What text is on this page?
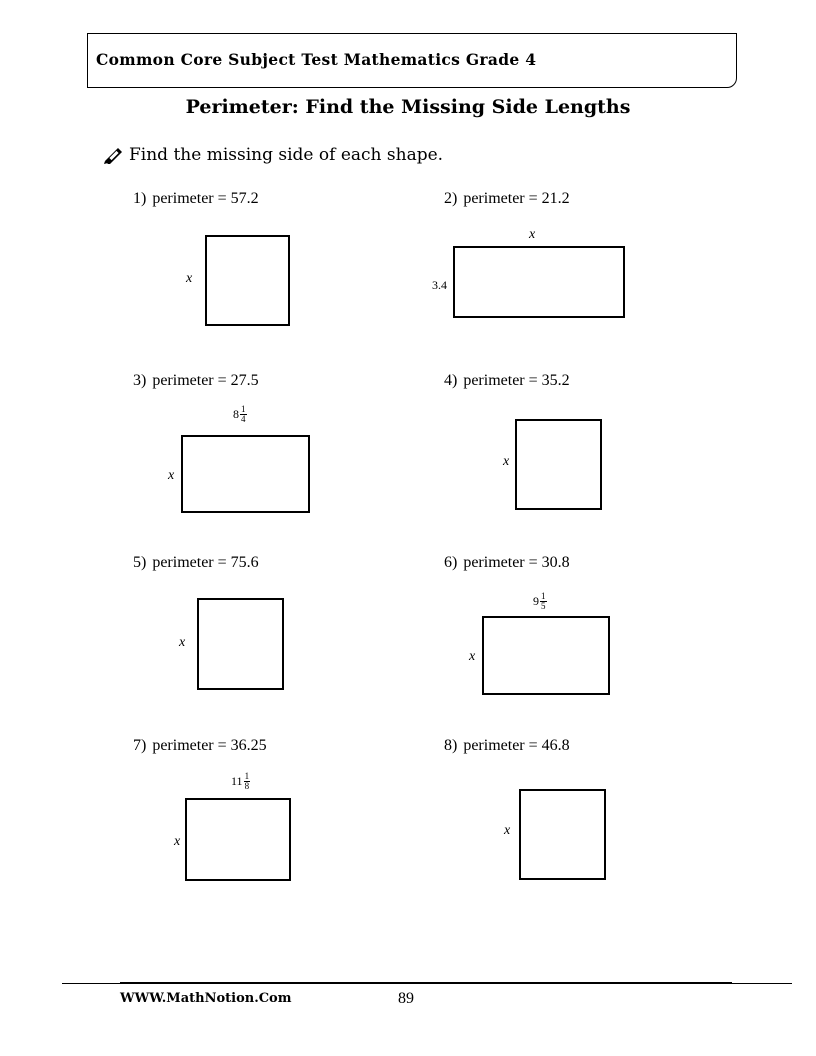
Common Core Subject Test Mathematics Grade 4
Perimeter: Find the Missing Side Lengths
Find the missing side of each shape.
1) perimeter = 57.2
x
2) perimeter = 21.2
x
3.4
3) perimeter = 27.5
$8 \frac{1}{4}$
x
4) perimeter = 35.2
x
5) perimeter = 75.6
x
6) perimeter = 30.8
$9 \frac{1}{5}$
x
7) perimeter = 36.25
$11 \frac{1}{8}$
x
8) perimeter = 46.8
x
WWW.MathNotion.Com	89
